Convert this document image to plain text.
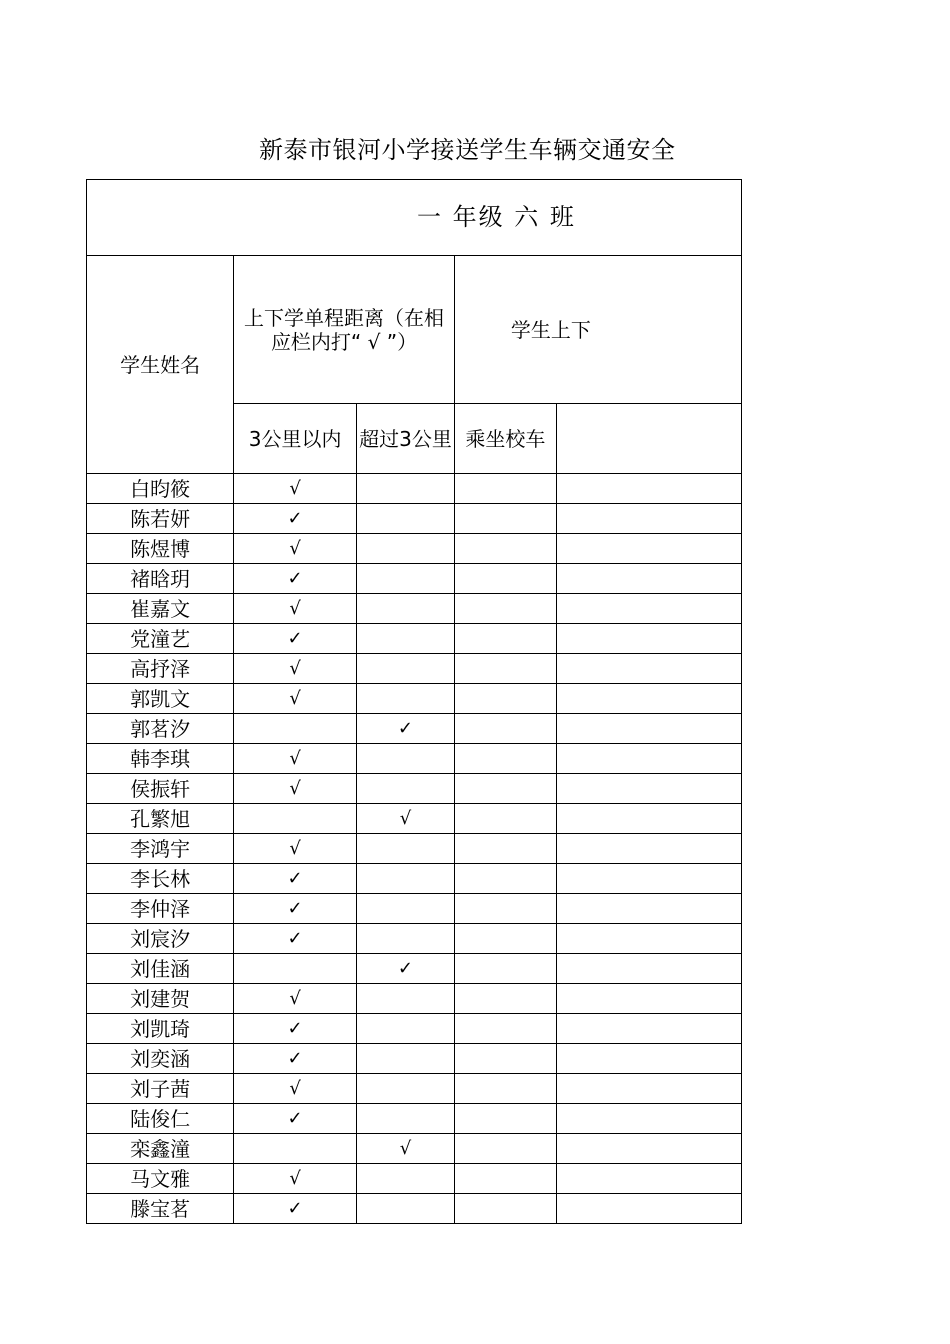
新泰市银河小学接送学生车辆交通安全
一 年级 六 班				
学生姓名	上下学单程距离（在相应栏内打“ √ ”）		学生上下	
	3公里以内	超过3公里	乘坐校车	
白昀筱	√			
陈若妍	✓			
陈煜博	√			
褚晗玥	✓			
崔嘉文	√			
党潼艺	✓			
高抒泽	√			
郭凯文	√			
郭茗汐		✓		
韩李琪	√			
侯振轩	√			
孔繁旭		√		
李鸿宇	√			
李长林	✓			
李仲泽	✓			
刘宸汐	✓			
刘佳涵		✓		
刘建贺	√			
刘凯琦	✓			
刘奕涵	✓			
刘子茜	√			
陆俊仁	✓			
栾鑫潼		√		
马文雅	√			
滕宝茗	✓			
